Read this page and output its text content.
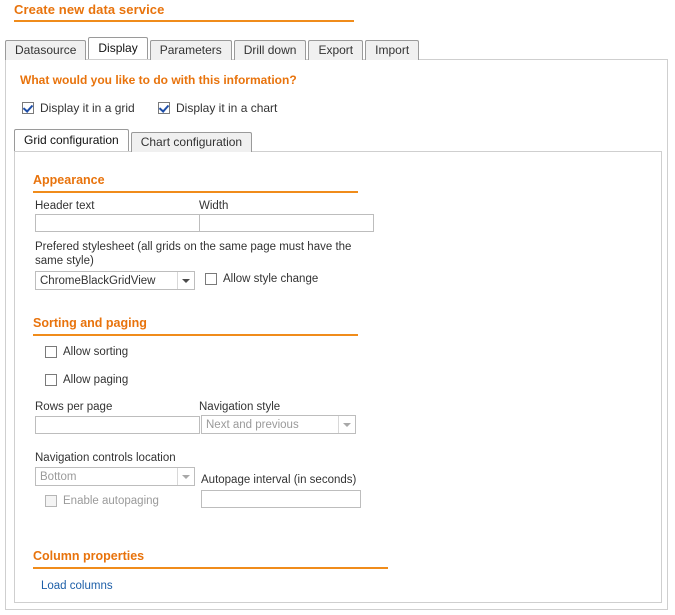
Create new data service
Datasource	Display	Parameters	Drill down	Export	Import
What would you like to do with this information?
Display it in a grid	Display it in a chart
Grid configuration	Chart configuration
Appearance
Header text	Width
Prefered stylesheet (all grids on the same page must have the same style)
ChromeBlackGridView	Allow style change
Sorting and paging
Allow sorting
Allow paging
Rows per page	Navigation style
Next and previous
Navigation controls location
Bottom	Autopage interval (in seconds)
Enable autopaging
Column properties
Load columns
